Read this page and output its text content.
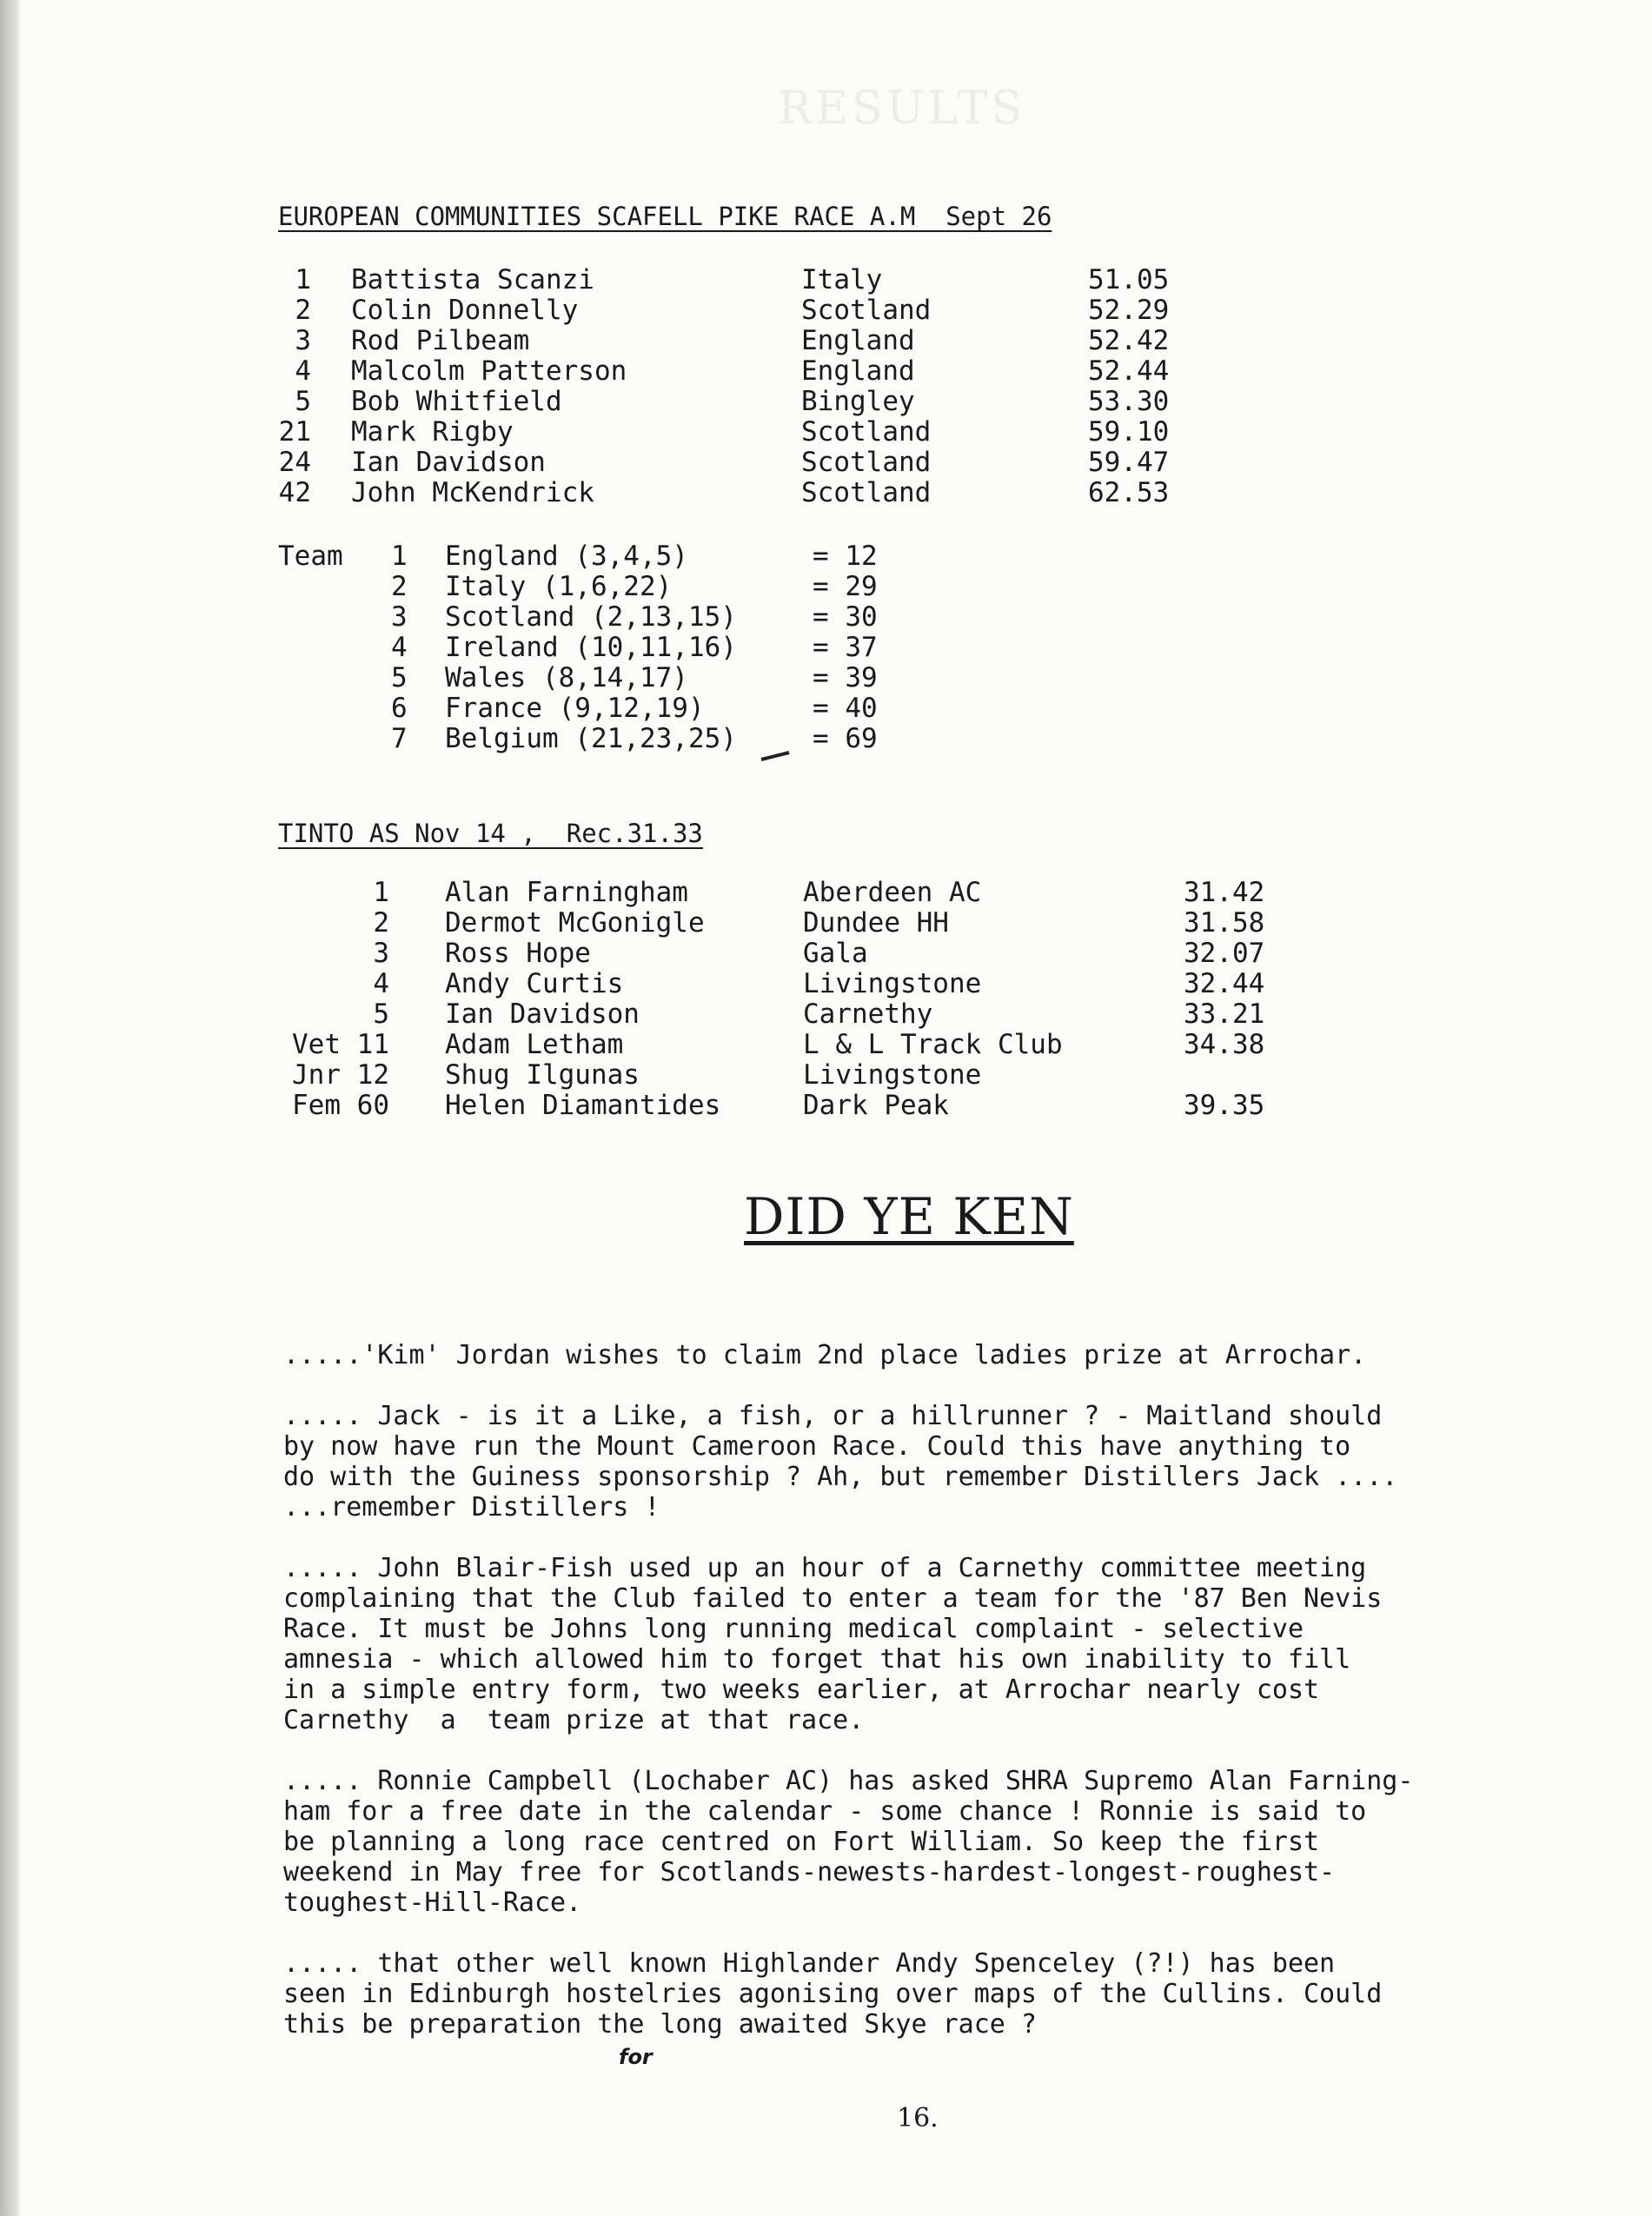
RESULTS
EUROPEAN COMMUNITIES SCAFELL PIKE RACE A.M  Sept 26
1 Battista Scanzi	Italy	51.05
2 Colin Donnelly	Scotland	52.29
3 Rod Pilbeam	England	52.42
4 Malcolm Patterson	England	52.44
5 Bob Whitfield	Bingley	53.30
21 Mark Rigby	Scotland	59.10
24 Ian Davidson	Scotland	59.47
42 John McKendrick	Scotland	62.53
Team 1 England (3,4,5)	= 12
2 Italy (1,6,22)	= 29
3 Scotland (2,13,15)	= 30
4 Ireland (10,11,16)	= 37
5 Wales (8,14,17)	= 39
6 France (9,12,19)	= 40
7 Belgium (21,23,25)	= 69
TINTO AS Nov 14 ,  Rec.31.33
1 Alan Farningham	Aberdeen AC	31.42
2 Dermot McGonigle	Dundee HH	31.58
3 Ross Hope	Gala	32.07
4 Andy Curtis	Livingstone	32.44
5 Ian Davidson	Carnethy	33.21
Vet 11 Adam Letham	L & L Track Club	34.38
Jnr 12 Shug Ilgunas	Livingstone
Fem 60 Helen Diamantides	Dark Peak	39.35
DID YE KEN
.....'Kim' Jordan wishes to claim 2nd place ladies prize at Arrochar.
..... Jack - is it a Like, a fish, or a hillrunner ? - Maitland should
by now have run the Mount Cameroon Race. Could this have anything to
do with the Guiness sponsorship ? Ah, but remember Distillers Jack ....
...remember Distillers !
..... John Blair-Fish used up an hour of a Carnethy committee meeting
complaining that the Club failed to enter a team for the '87 Ben Nevis
Race. It must be Johns long running medical complaint - selective
amnesia - which allowed him to forget that his own inability to fill
in a simple entry form, two weeks earlier, at Arrochar nearly cost
Carnethy  a  team prize at that race.
..... Ronnie Campbell (Lochaber AC) has asked SHRA Supremo Alan Farning-
ham for a free date in the calendar - some chance ! Ronnie is said to
be planning a long race centred on Fort William. So keep the first
weekend in May free for Scotlands-newests-hardest-longest-roughest-
toughest-Hill-Race.
..... that other well known Highlander Andy Spenceley (?!) has been
seen in Edinburgh hostelries agonising over maps of the Cullins. Could
this be preparation the long awaited Skye race ?
for
16.
